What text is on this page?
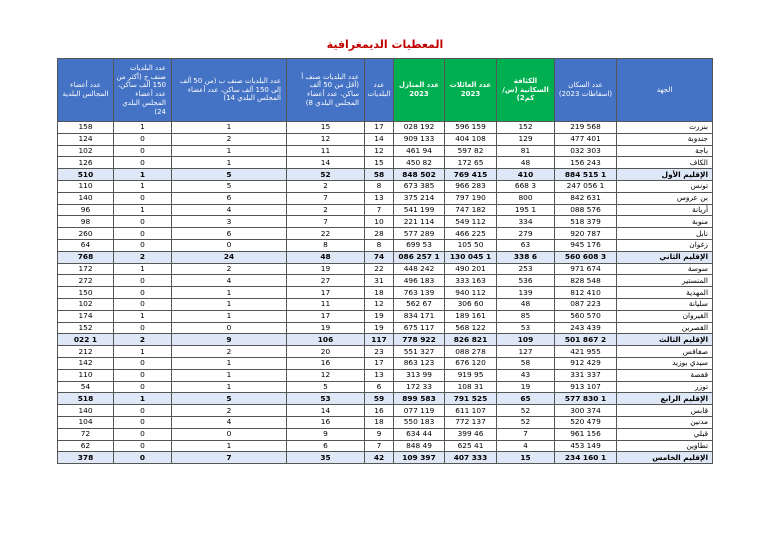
المعطيات الديمغرافية
الجهة	عدد السكان (اسقاطات 2023)	الكثافة السكانية (س/كم2)	عدد العائلات 2023	عدد المنازل 2023	عدد البلديات	عدد البلديات صنف أ (أقل من 50 ألف ساكن، عدد أعضاء المجلس البلدي 8)	عدد البلديات صنف ب (من 50 ألف إلى 150 ألف ساكن، عدد أعضاء المجلس البلدي 14)	عدد البلديات صنف ج (أكثر من 150 ألف ساكن، عدد أعضاء المجلس البلدي 24)	عدد أعضاء المجالس البلدية
بنزرت	568 219	152	159 596	192 028	17	15	1	1	158
جندوبة	401 477	129	108 404	133 909	14	12	2	0	124
باجة	303 032	81	82 597	94 461	12	11	1	0	102
الكاف	243 156	48	65 172	82 450	15	14	1	0	126
الإقليم الأول	1 515 884	410	415 769	502 848	58	52	5	1	510
تونس	1 056 247	3 668	283 966	385 673	8	2	5	1	110
بن عروس	631 842	800	190 797	214 375	13	7	6	0	140
أريانة	576 088	1 195	182 747	199 541	7	2	4	1	96
منوبة	379 518	334	112 549	114 221	10	7	3	0	98
نابل	787 920	279	225 466	289 577	28	22	6	0	260
زغوان	176 945	63	50 105	53 699	8	8	0	0	64
الإقليم الثاني	3 608 560	6 338	1 045 130	1 257 086	74	48	24	2	768
سوسة	674 971	253	201 490	242 448	22	19	2	1	172
المنستير	548 828	536	163 333	183 496	31	27	4	0	272
المهدية	410 812	139	112 940	139 763	18	17	1	0	150
سليانة	223 087	48	60 306	67 562	12	11	1	0	102
القيروان	570 560	85	161 189	171 834	19	17	1	1	174
القصرين	439 243	53	122 568	117 675	19	19	0	0	152
الإقليم الثالث	2 867 501	109	821 826	922 778	117	106	9	2	1 022
صفاقس	955 421	127	278 088	327 551	23	20	2	1	212
سيدي بوزيد	429 912	58	120 676	123 863	17	16	1	0	142
قفصة	337 331	43	95 919	99 313	13	12	1	0	110
توزر	107 913	19	31 108	33 172	6	5	1	0	54
الإقليم الرابع	1 830 577	65	525 791	583 899	59	53	5	1	518
قابس	374 300	52	107 611	119 077	16	14	2	0	140
مدنين	479 520	52	137 772	183 550	18	16	4	0	104
قبلي	156 961	7	46 399	44 634	9	9	0	0	72
تطاوين	149 453	4	41 625	49 848	7	6	1	0	62
الإقليم الخامس	1 160 234	15	333 407	397 109	42	35	7	0	378
